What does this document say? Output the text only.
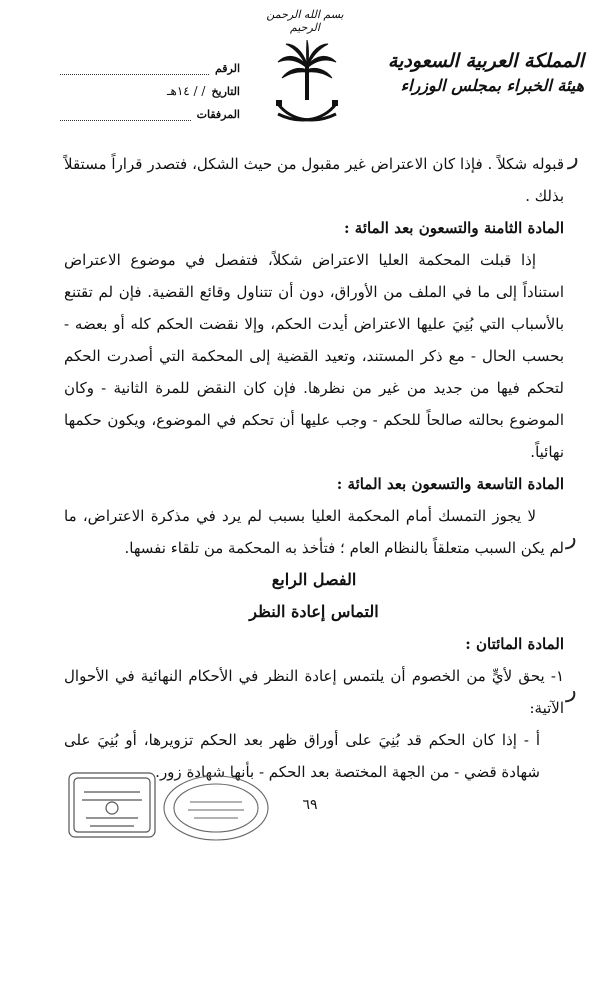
بسم الله الرحمن الرحيم
المملكة العربية السعودية
هيئة الخبراء بمجلس الوزراء
الرقم
التاريخ
/ / ١٤هـ
المرفقات

قبوله شكلاً . فإذا كان الاعتراض غير مقبول من حيث الشكل، فتصدر قراراً مستقلاً بذلك .

المادة الثامنة والتسعون بعد المائة :

إذا قبلت المحكمة العليا الاعتراض شكلاً، فتفصل في موضوع الاعتراض استناداً إلى ما في الملف من الأوراق، دون أن تتناول وقائع القضية. فإن لم تقتنع بالأسباب التي بُنِيَ عليها الاعتراض أيدت الحكم، وإلا نقضت الحكم كله أو بعضه - بحسب الحال - مع ذكر المستند، وتعيد القضية إلى المحكمة التي أصدرت الحكم لتحكم فيها من جديد من غير من نظرها. فإن كان النقض للمرة الثانية - وكان الموضوع بحالته صالحاً للحكم - وجب عليها أن تحكم في الموضوع، ويكون حكمها نهائياً.

المادة التاسعة والتسعون بعد المائة :

لا يجوز التمسك أمام المحكمة العليا بسبب لم يرد في مذكرة الاعتراض، ما لم يكن السبب متعلقاً بالنظام العام ؛ فتأخذ به المحكمة من تلقاء نفسها.

الفصل الرابع

التماس إعادة النظر

المادة المائتان :

١- يحق لأيٍّ من الخصوم أن يلتمس إعادة النظر في الأحكام النهائية في الأحوال الآتية:

أ - إذا كان الحكم قد بُنِيَ على أوراق ظهر بعد الحكم تزويرها، أو بُنِيَ على شهادة قضي - من الجهة المختصة بعد الحكم - بأنها شهادة زور.

٦٩
ر
ر
ر
